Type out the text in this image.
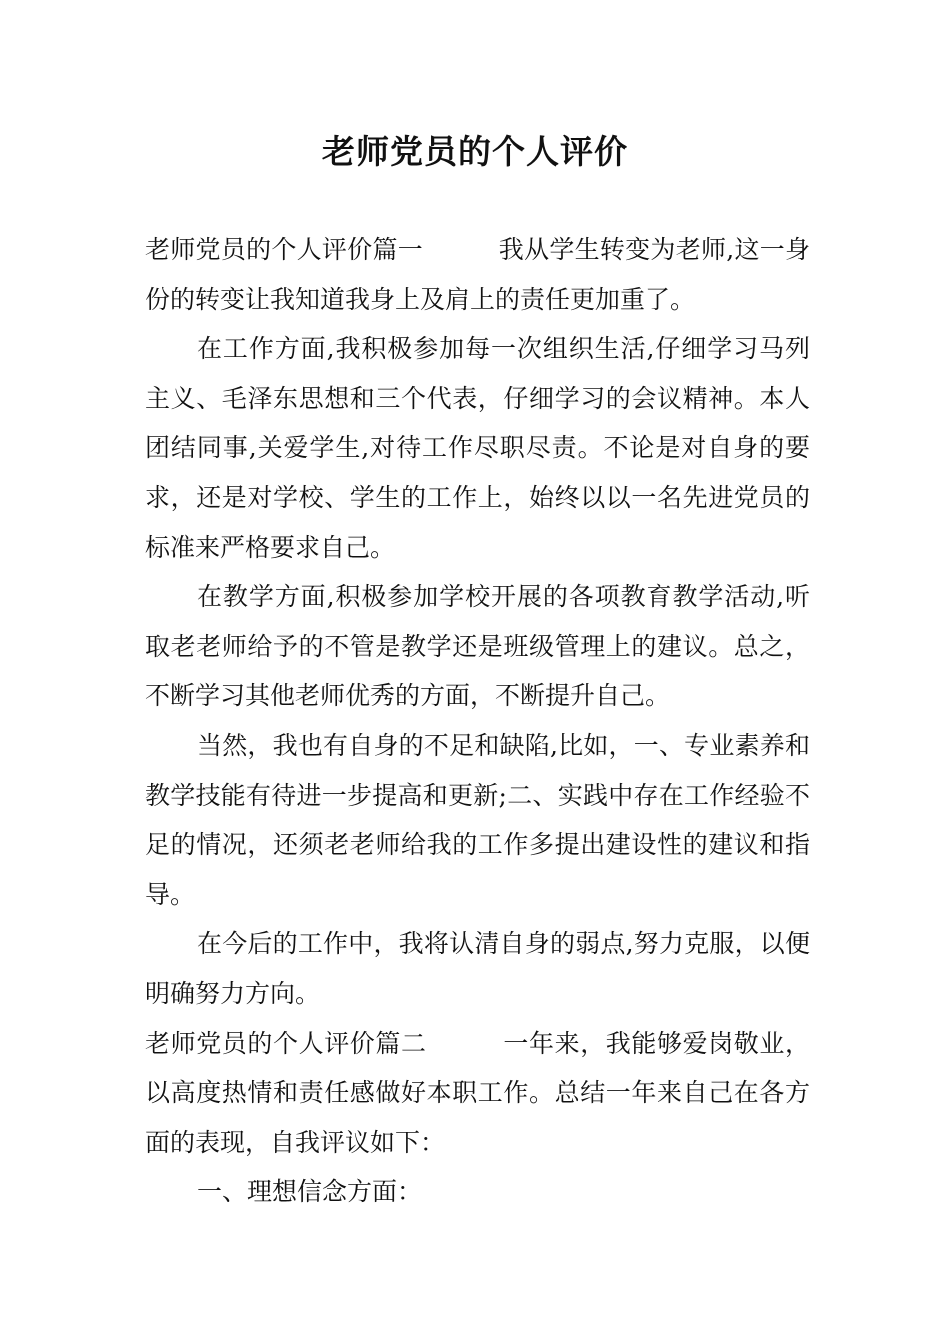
老师党员的个人评价

老师党员的个人评价篇一　　　我从学生转变为老师,这一身份的转变让我知道我身上及肩上的责任更加重了。

在工作方面,我积极参加每一次组织生活,仔细学习马列主义、毛泽东思想和三个代表，仔细学习的会议精神。本人团结同事,关爱学生,对待工作尽职尽责。不论是对自身的要求，还是对学校、学生的工作上，始终以以一名先进党员的标准来严格要求自己。

在教学方面,积极参加学校开展的各项教育教学活动,听取老老师给予的不管是教学还是班级管理上的建议。总之，不断学习其他老师优秀的方面，不断提升自己。

当然，我也有自身的不足和缺陷,比如，一、专业素养和教学技能有待进一步提高和更新;二、实践中存在工作经验不足的情况，还须老老师给我的工作多提出建设性的建议和指导。

在今后的工作中，我将认清自身的弱点,努力克服，以便明确努力方向。

老师党员的个人评价篇二　　　一年来，我能够爱岗敬业，以高度热情和责任感做好本职工作。总结一年来自己在各方面的表现，自我评议如下：

一、理想信念方面：
